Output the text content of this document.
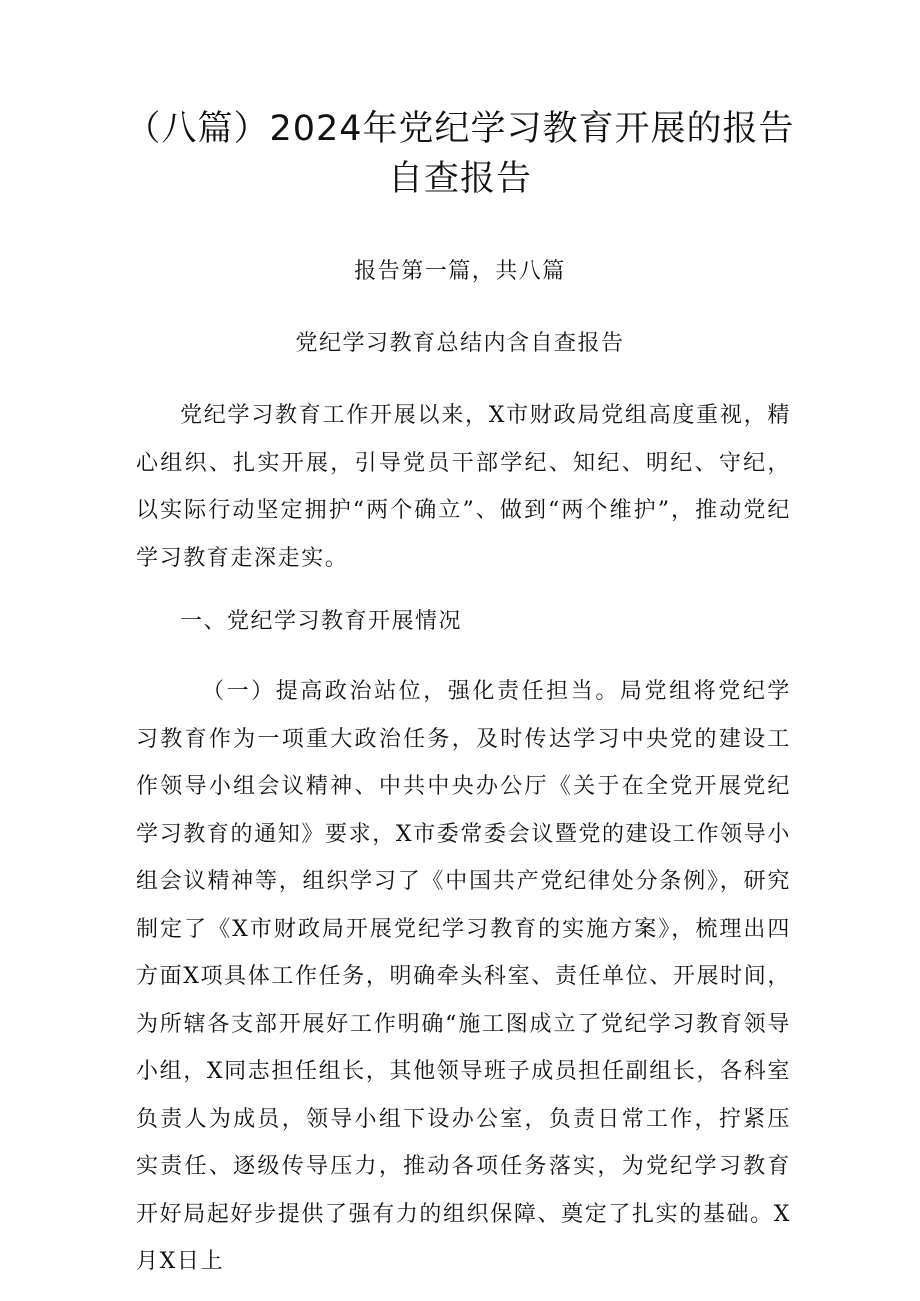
（八篇）2024年党纪学习教育开展的报告
自查报告
报告第一篇，共八篇
党纪学习教育总结内含自查报告

党纪学习教育工作开展以来，X市财政局党组高度重视，精心组织、扎实开展，引导党员干部学纪、知纪、明纪、守纪，以实际行动坚定拥护“两个确立”、做到“两个维护”，推动党纪学习教育走深走实。

一、党纪学习教育开展情况

（一）提高政治站位，强化责任担当。局党组将党纪学习教育作为一项重大政治任务，及时传达学习中央党的建设工作领导小组会议精神、中共中央办公厅《关于在全党开展党纪学习教育的通知》要求，X市委常委会议暨党的建设工作领导小组会议精神等，组织学习了《中国共产党纪律处分条例》，研究制定了《X市财政局开展党纪学习教育的实施方案》，梳理出四方面X项具体工作任务，明确牵头科室、责任单位、开展时间，为所辖各支部开展好工作明确“施工图成立了党纪学习教育领导小组，X同志担任组长，其他领导班子成员担任副组长，各科室负责人为成员，领导小组下设办公室，负责日常工作，拧紧压实责任、逐级传导压力，推动各项任务落实，为党纪学习教育开好局起好步提供了强有力的组织保障、奠定了扎实的基础。X月X日上
